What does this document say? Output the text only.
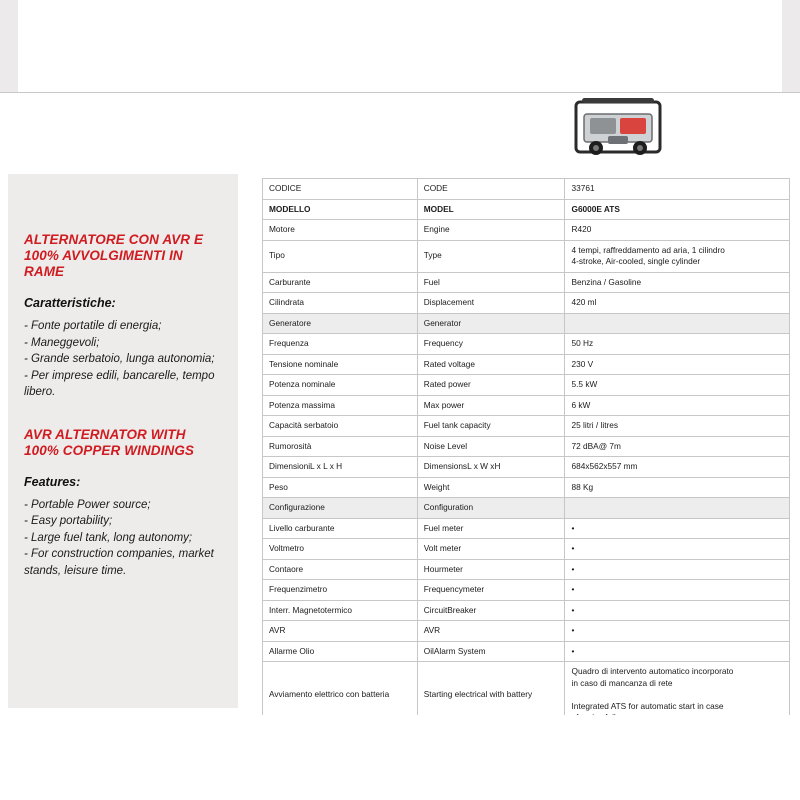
ALTERNATORE CON AVR E 100% AVVOLGIMENTI IN RAME
Caratteristiche:
- Fonte portatile di energia;
- Maneggevoli;
- Grande serbatoio, lunga autonomia;
- Per imprese edili, bancarelle, tempo libero.
AVR ALTERNATOR WITH 100% COPPER WINDINGS
Features:
- Portable Power source;
- Easy portability;
- Large fuel tank, long autonomy;
- For construction companies, market stands, leisure time.
CODICE	CODE	33761
MODELLO	MODEL	G6000E ATS
Motore	Engine	R420
Tipo	Type	4 tempi, raffreddamento ad aria, 1 cilindro
4-stroke, Air-cooled, single cylinder

Carburante	Fuel	Benzina / Gasoline
Cilindrata	Displacement	420 ml
Generatore	Generator	
Frequenza	Frequency	50 Hz
Tensione nominale	Rated voltage	230 V
Potenza nominale	Rated power	5.5 kW
Potenza massima	Max power	6 kW
Capacità serbatoio	Fuel tank capacity	25 litri / litres
Rumorosità	Noise Level	72 dBA@ 7m
DimensioniL x L x H	DimensionsL x W xH	684x562x557 mm
Peso	Weight	88 Kg
Configurazione	Configuration	
Livello carburante	Fuel meter	•
Voltmetro	Volt meter	•
Contaore	Hourmeter	•
Frequenzimetro	Frequencymeter	•
Interr. Magnetotermico	CircuitBreaker	•
AVR	AVR	•
Allarme Olio	OilAlarm System	•
Avviamento elettrico con batteria	Starting electrical with battery	Quadro di intervento automatico incorporato
in caso di mancanza di rete

Integrated ATS for automatic start in case
